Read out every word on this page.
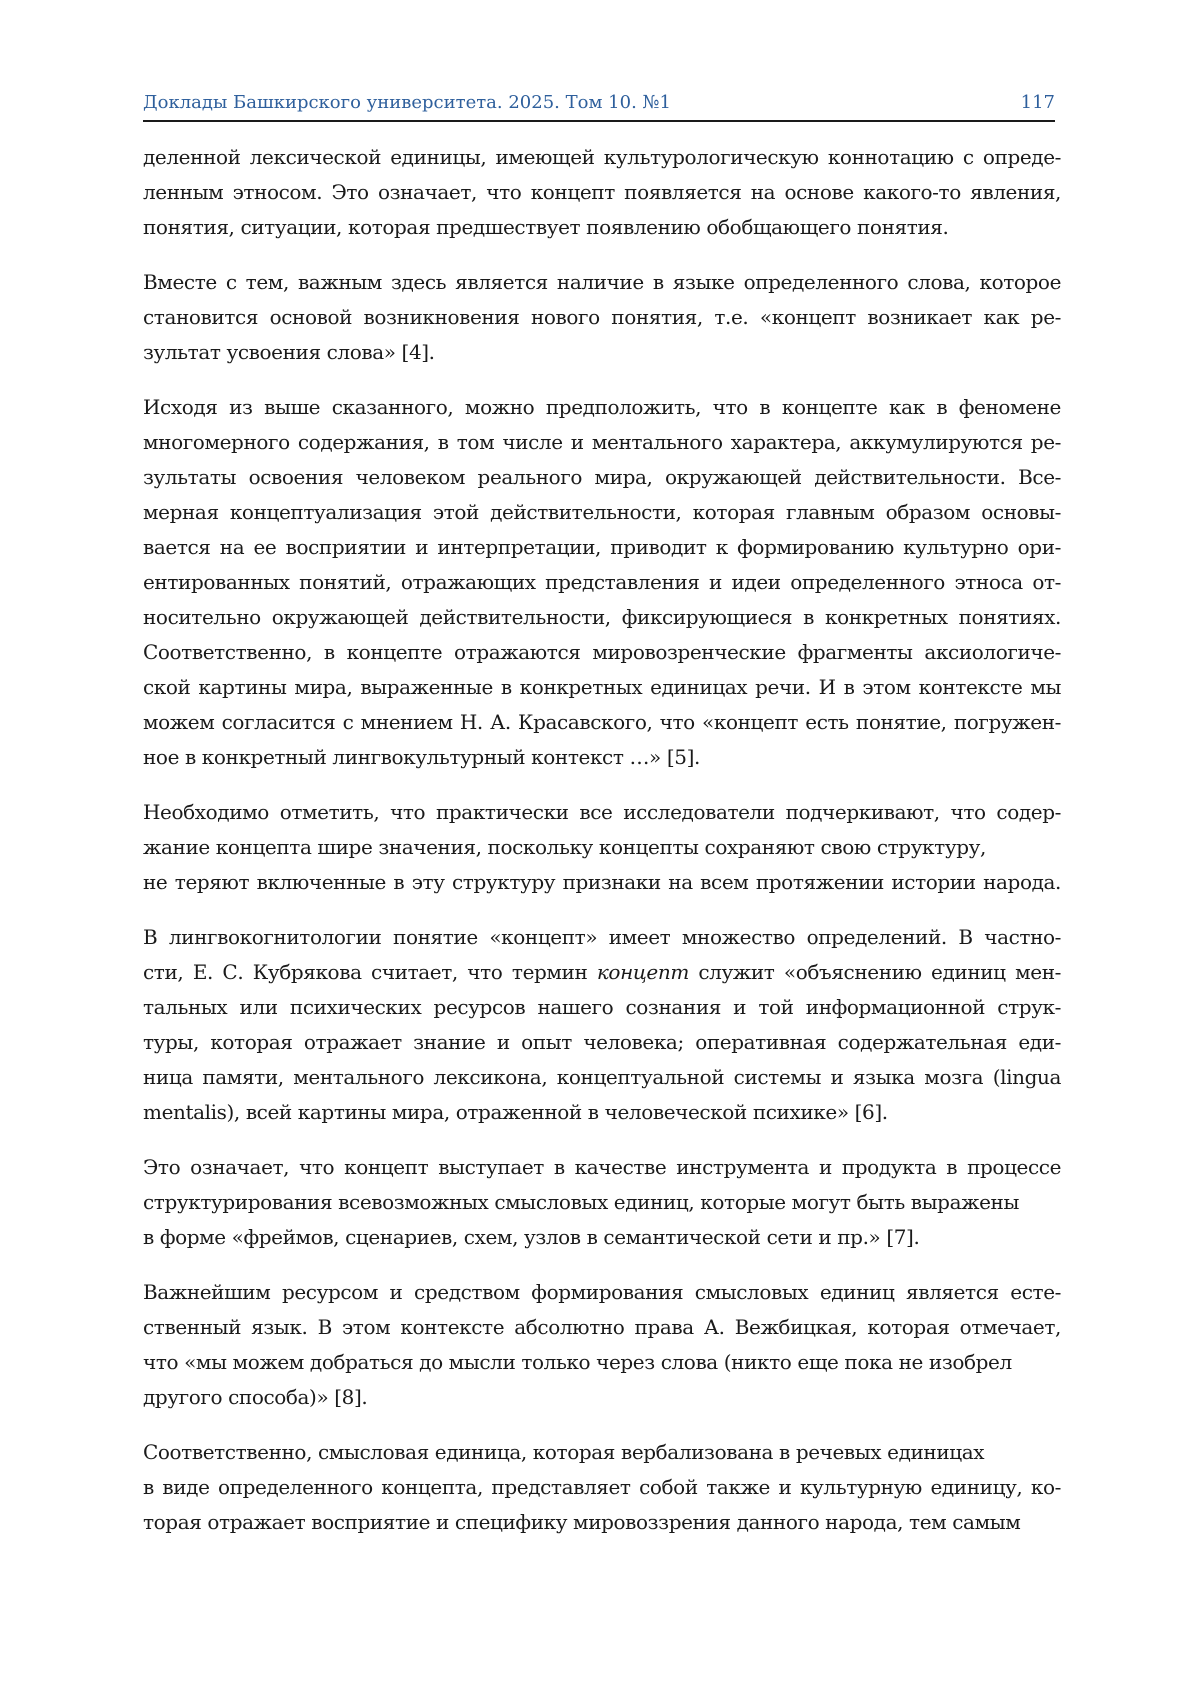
Доклады Башкирского университета. 2025. Том 10. №1	117

деленной лексической единицы, имеющей культурологическую коннотацию с опреде-
ленным этносом. Это означает, что концепт появляется на основе какого-то явления,
понятия, ситуации, которая предшествует появлению обобщающего понятия.

Вместе с тем, важным здесь является наличие в языке определенного слова, которое
становится основой возникновения нового понятия, т.е. «концепт возникает как ре-
зультат усвоения слова» [4].

Исходя из выше сказанного, можно предположить, что в концепте как в феномене
многомерного содержания, в том числе и ментального характера, аккумулируются ре-
зультаты освоения человеком реального мира, окружающей действительности. Все-
мерная концептуализация этой действительности, которая главным образом основы-
вается на ее восприятии и интерпретации, приводит к формированию культурно ори-
ентированных понятий, отражающих представления и идеи определенного этноса от-
носительно окружающей действительности, фиксирующиеся в конкретных понятиях.
Соответственно, в концепте отражаются мировозренческие фрагменты аксиологиче-
ской картины мира, выраженные в конкретных единицах речи. И в этом контексте мы
можем согласится с мнением Н. А. Красавского, что «концепт есть понятие, погружен-
ное в конкретный лингвокультурный контекст …» [5].

Необходимо отметить, что практически все исследователи подчеркивают, что содер-
жание концепта шире значения, поскольку концепты сохраняют свою структуру,
не теряют включенные в эту структуру признаки на всем протяжении истории народа.

В лингвокогнитологии понятие «концепт» имеет множество определений. В частно-
сти, Е. С. Кубрякова считает, что термин концепт служит «объяснению единиц мен-
тальных или психических ресурсов нашего сознания и той информационной струк-
туры, которая отражает знание и опыт человека; оперативная содержательная еди-
ница памяти, ментального лексикона, концептуальной системы и языка мозга (lingua
mentalis), всей картины мира, отраженной в человеческой психике» [6].

Это означает, что концепт выступает в качестве инструмента и продукта в процессе
структурирования всевозможных смысловых единиц, которые могут быть выражены
в форме «фреймов, сценариев, схем, узлов в семантической сети и пр.» [7].

Важнейшим ресурсом и средством формирования смысловых единиц является есте-
ственный язык. В этом контексте абсолютно права А. Вежбицкая, которая отмечает,
что «мы можем добраться до мысли только через слова (никто еще пока не изобрел
другого способа)» [8].

Соответственно, смысловая единица, которая вербализована в речевых единицах
в виде определенного концепта, представляет собой также и культурную единицу, ко-
торая отражает восприятие и специфику мировоззрения данного народа, тем самым
